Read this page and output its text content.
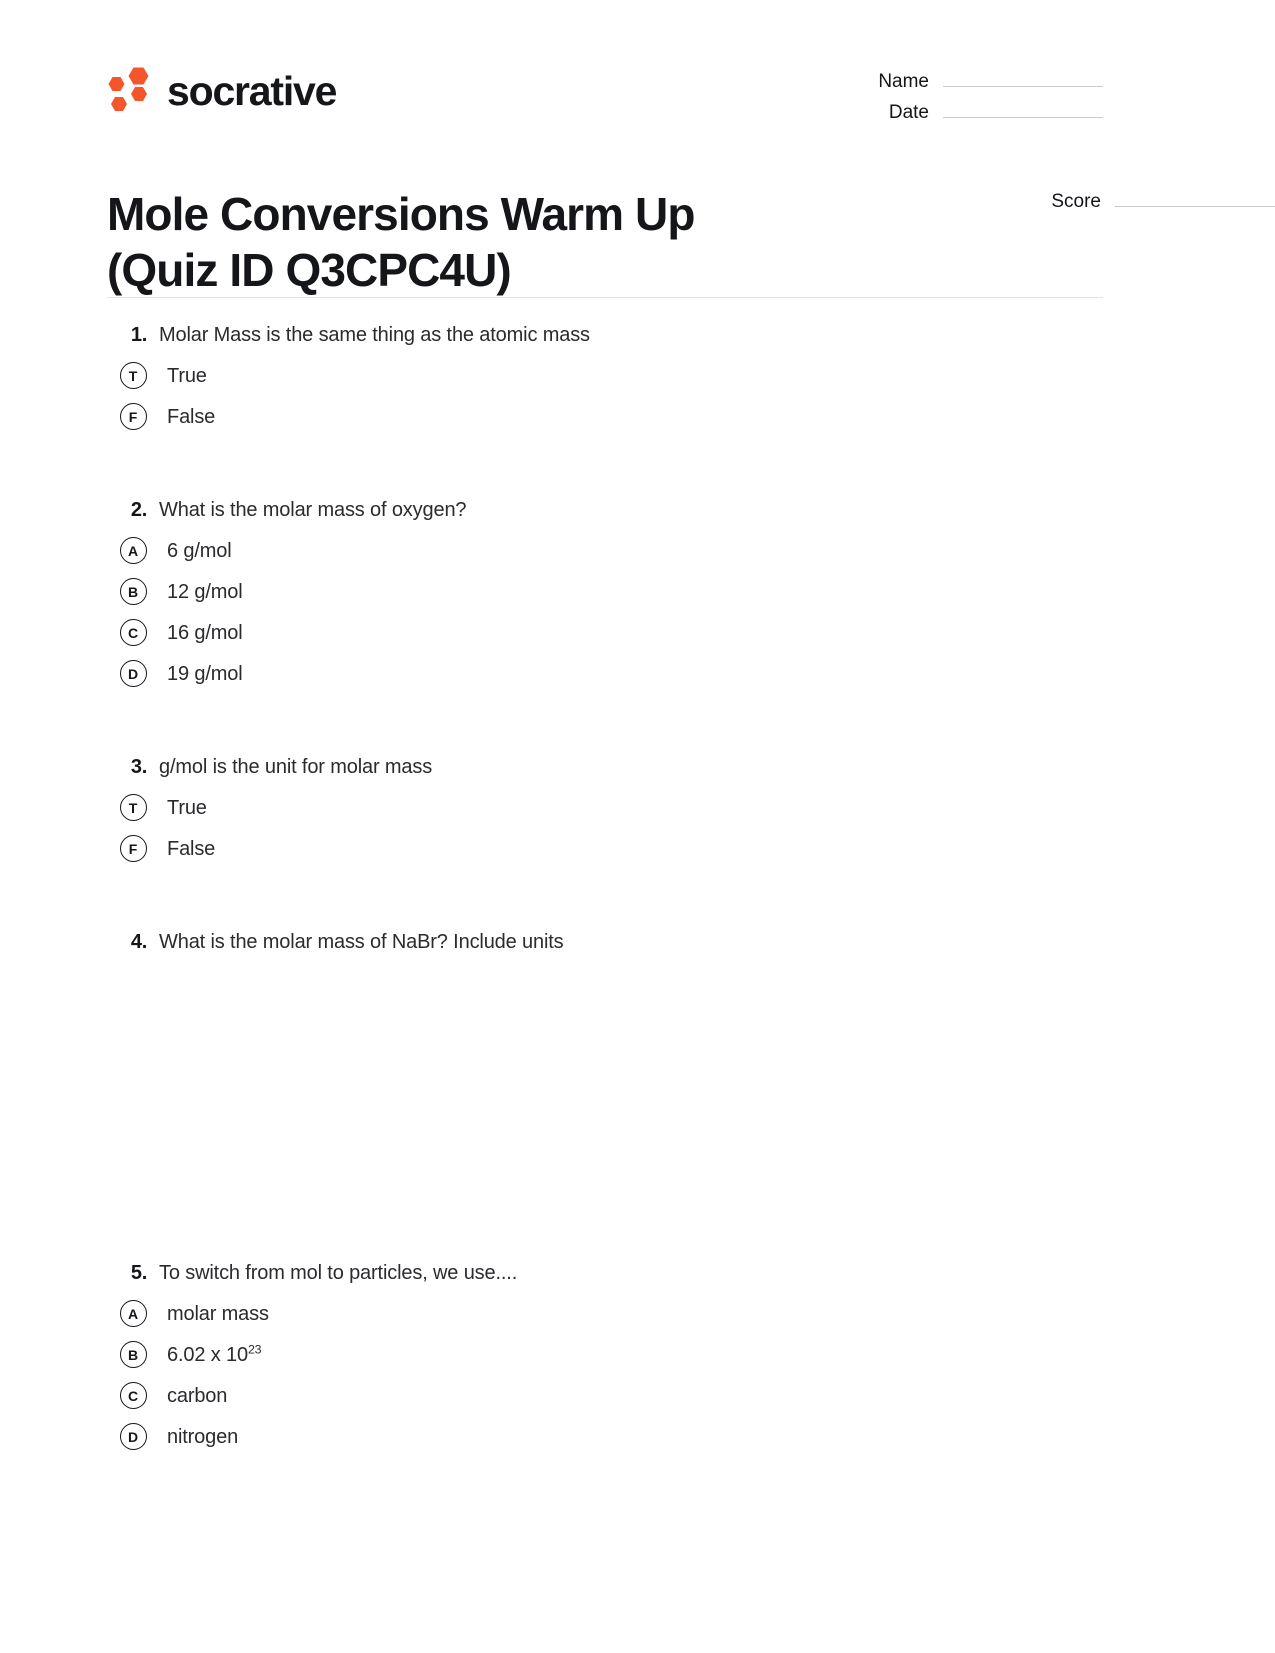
socrative	Name
Date
Score
Mole Conversions Warm Up (Quiz ID Q3CPC4U)
1. Molar Mass is the same thing as the atomic mass
T	True
F	False
2. What is the molar mass of oxygen?
A	6 g/mol
B	12 g/mol
C	16 g/mol
D	19 g/mol
3. g/mol is the unit for molar mass
T	True
F	False
4. What is the molar mass of NaBr? Include units
5. To switch from mol to particles, we use....
A	molar mass
B	6.02 x $10^{23}$
C	carbon
D	nitrogen
